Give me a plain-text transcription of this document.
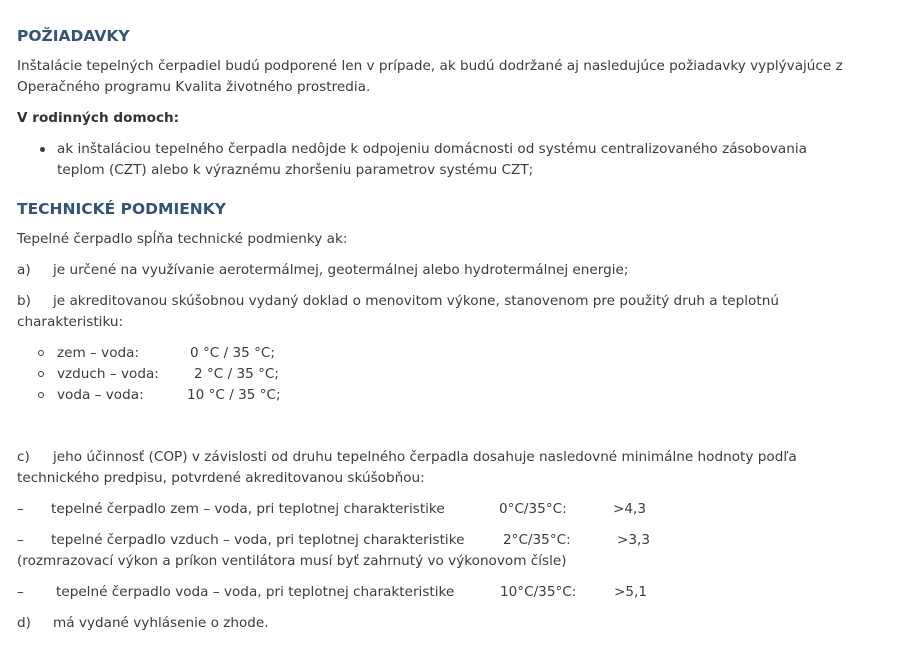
POŽIADAVKY
Inštalácie tepelných čerpadiel budú podporené len v prípade, ak budú dodržané aj nasledujúce požiadavky vyplývajúce z
Operačného programu Kvalita životného prostredia.
V rodinných domoch:
ak inštaláciou tepelného čerpadla nedôjde k odpojeniu domácnosti od systému centralizovaného zásobovania
teplom (CZT) alebo k výraznému zhoršeniu parametrov systému CZT;
TECHNICKÉ PODMIENKY
Tepelné čerpadlo spĺňa technické podmienky ak:
a) je určené na využívanie aerotermálmej, geotermálnej alebo hydrotermálnej energie;
b) je akreditovanou skúšobnou vydaný doklad o menovitom výkone, stanovenom pre použitý druh a teplotnú
charakteristiku:
zem – voda:	0 °C / 35 °C;
vzduch – voda:	2 °C / 35 °C;
voda – voda:	10 °C / 35 °C;
c) jeho účinnosť (COP) v závislosti od druhu tepelného čerpadla dosahuje nasledovné minimálne hodnoty podľa
technického predpisu, potvrdené akreditovanou skúšobňou:
– tepelné čerpadlo zem – voda, pri teplotnej charakteristike	0°C/35°C:	>4,3
– tepelné čerpadlo vzduch – voda, pri teplotnej charakteristike	2°C/35°C:	>3,3
(rozmrazovací výkon a príkon ventilátora musí byť zahrnutý vo výkonovom čísle)
– tepelné čerpadlo voda – voda, pri teplotnej charakteristike	10°C/35°C:	>5,1
d) má vydané vyhlásenie o zhode.
